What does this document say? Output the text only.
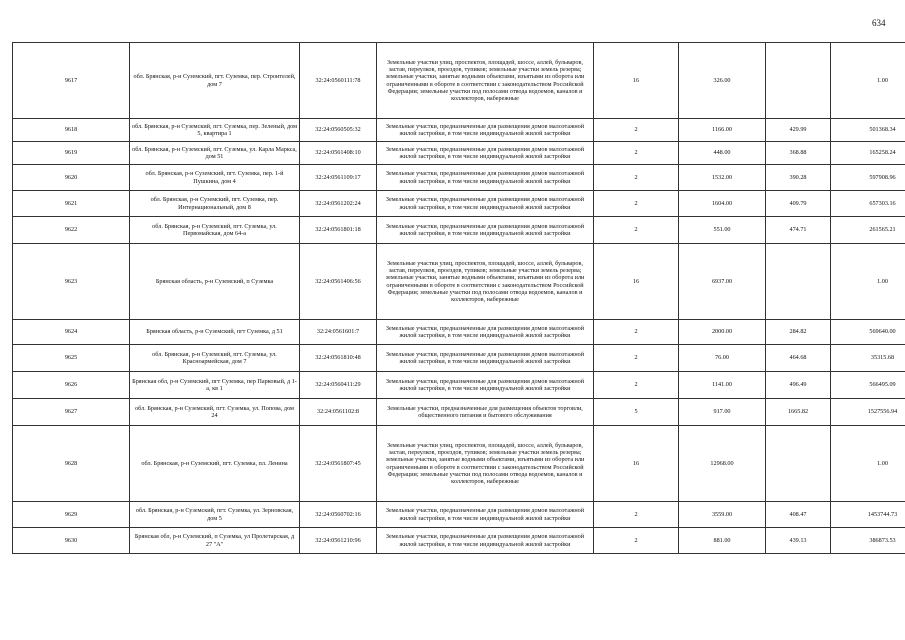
634
9617	обл. Брянская, р-н Суземский, пгт. Суземка, пер. Строителей, дом 7	32:24:0560111:78	Земельные участки улиц, проспектов, площадей, шоссе, аллей, бульваров, застав, переулков, проездов, тупиков; земельные участки земель резерва; земельные участки, занятые водными объектами, изъятыми из оборота или ограниченными в обороте в соответствии с законодательством Российской Федерации; земельные участки под полосами отвода водоемов, каналов и коллекторов, набережные	16	326.00		1.00
9618	обл. Брянская, р-н Суземский, пгт. Суземка, пер. Зеленый, дом 5, квартира 1	32:24:0560505:32	Земельные участки, предназначенные для размещения домов малоэтажной жилой застройки, в том числе индивидуальной жилой застройки	2	1166.00	429.99	501368.34
9619	обл. Брянская, р-н Суземский, пгт. Суземка, ул. Карла Маркса, дом 51	32:24:0561408:10	Земельные участки, предназначенные для размещения домов малоэтажной жилой застройки, в том числе индивидуальной жилой застройки	2	448.00	368.88	165258.24
9620	обл. Брянская, р-н Суземский, пгт. Суземка, пер. 1-й Пушкина, дом 4	32:24:0561109:17	Земельные участки, предназначенные для размещения домов малоэтажной жилой застройки, в том числе индивидуальной жилой застройки	2	1532.00	390.28	597908.96
9621	обл. Брянская, р-н Суземский, пгт. Суземка, пер. Интернациональный, дом 8	32:24:0561202:24	Земельные участки, предназначенные для размещения домов малоэтажной жилой застройки, в том числе индивидуальной жилой застройки	2	1604.00	409.79	657303.16
9622	обл. Брянская, р-н Суземский, пгт. Суземка, ул. Первомайская, дом 64-а	32:24:0561801:18	Земельные участки, предназначенные для размещения домов малоэтажной жилой застройки, в том числе индивидуальной жилой застройки	2	551.00	474.71	261565.21
9623	Брянская область, р-н Суземский, п Суземка	32:24:0561406:56	Земельные участки улиц, проспектов, площадей, шоссе, аллей, бульваров, застав, переулков, проездов, тупиков; земельные участки земель резерва; земельные участки, занятые водными объектами, изъятыми из оборота или ограниченными в обороте в соответствии с законодательством Российской Федерации; земельные участки под полосами отвода водоемов, каналов и коллекторов, набережные	16	6937.00		1.00
9624	Брянская область, р-н Суземский, пгт Суземка, д 51	32:24:0561601:7	Земельные участки, предназначенные для размещения домов малоэтажной жилой застройки, в том числе индивидуальной жилой застройки	2	2000.00	284.82	569640.00
9625	обл. Брянская, р-н Суземский, пгт. Суземка, ул. Красноармейская, дом 7	32:24:0561810:48	Земельные участки, предназначенные для размещения домов малоэтажной жилой застройки, в том числе индивидуальной жилой застройки	2	76.00	464.68	35315.68
9626	Брянская обл, р-н Суземский, пгт Суземка, пер Парковый, д 1-а, кв 1	32:24:0560411:29	Земельные участки, предназначенные для размещения домов малоэтажной жилой застройки, в том числе индивидуальной жилой застройки	2	1141.00	496.49	566495.09
9627	обл. Брянская, р-н Суземский, пгт. Суземка, ул. Попова, дом 24	32:24:0561102:8	Земельные участки, предназначенные для размещения объектов торговли, общественного питания и бытового обслуживания	5	917.00	1665.82	1527556.94
9628	обл. Брянская, р-н Суземский, пгт. Суземка, пл. Ленина	32:24:0561807:45	Земельные участки улиц, проспектов, площадей, шоссе, аллей, бульваров, застав, переулков, проездов, тупиков; земельные участки земель резерва; земельные участки, занятые водными объектами, изъятыми из оборота или ограниченными в обороте в соответствии с законодательством Российской Федерации; земельные участки под полосами отвода водоемов, каналов и коллекторов, набережные	16	12968.00		1.00
9629	обл. Брянская, р-н Суземский, пгт. Суземка, ул. Зерновская, дом 5	32:24:0560702:16	Земельные участки, предназначенные для размещения домов малоэтажной жилой застройки, в том числе индивидуальной жилой застройки	2	3559.00	408.47	1453744.73
9630	Брянская обл, р-н Суземский, п Суземка, ул Пролетарская, д 27 "А"	32:24:0561210:96	Земельные участки, предназначенные для размещения домов малоэтажной жилой застройки, в том числе индивидуальной жилой застройки	2	881.00	439.13	386873.53
